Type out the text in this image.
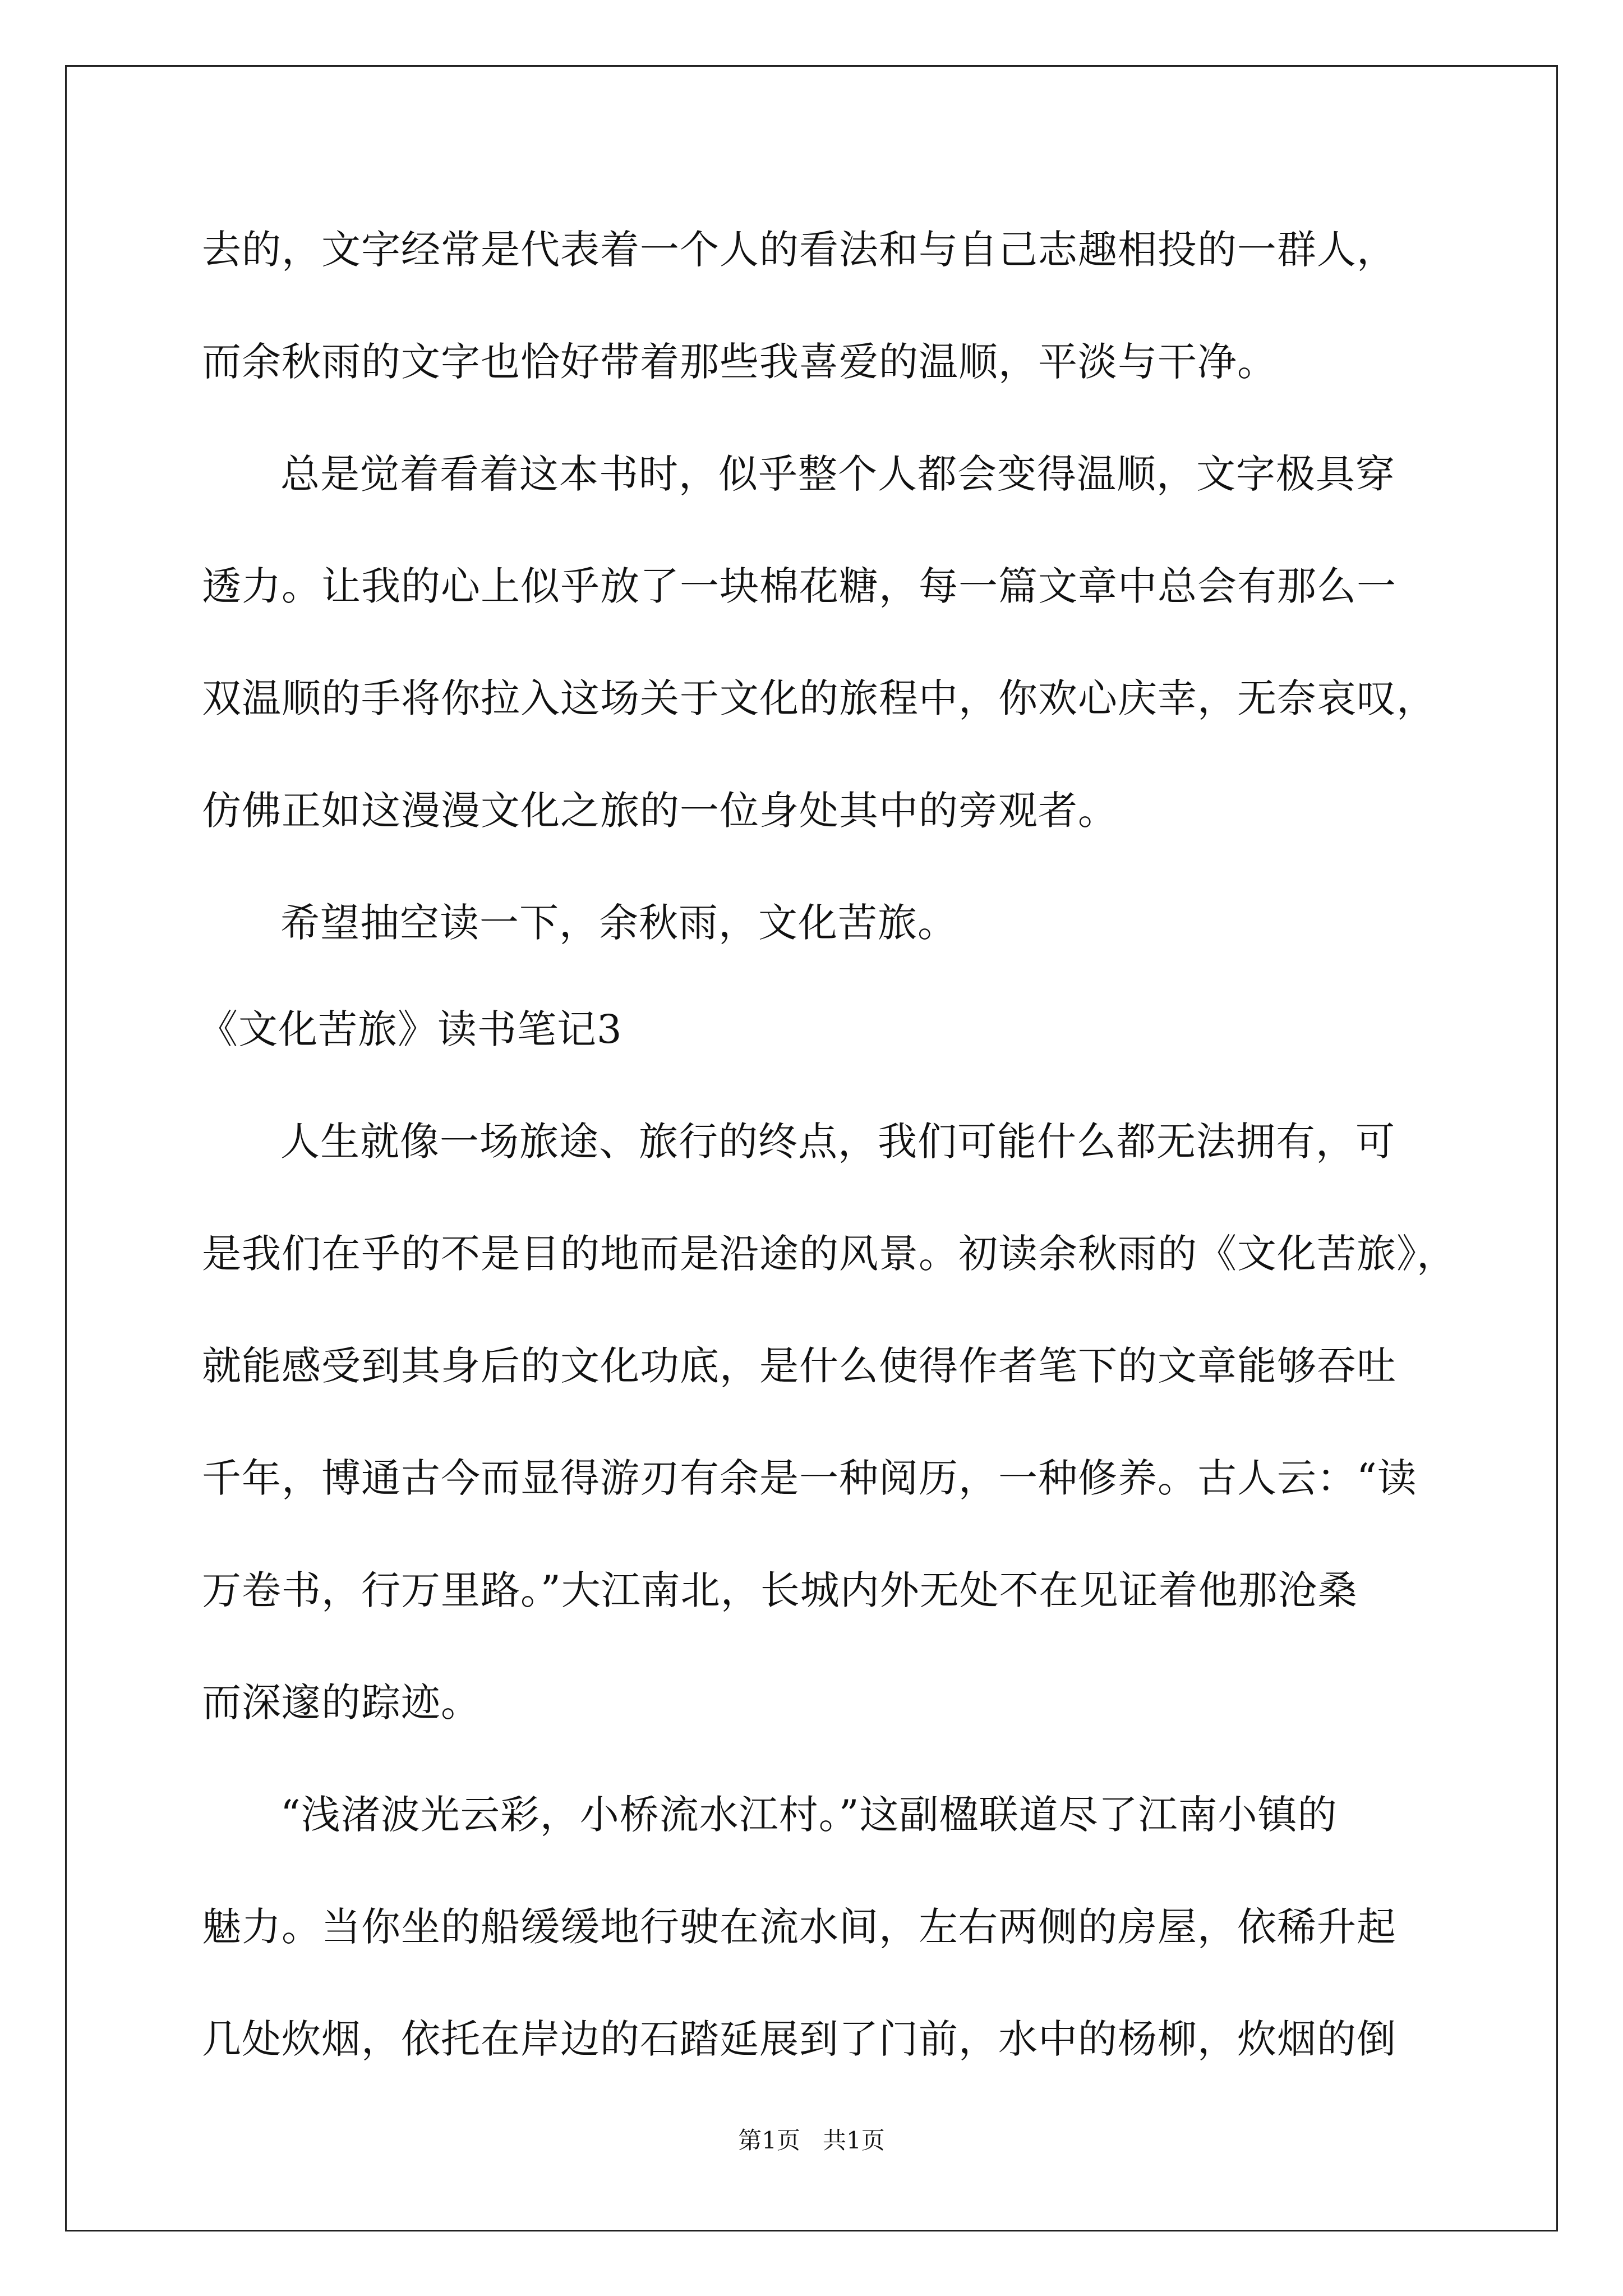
去的，文字经常是代表着一个人的看法和与自己志趣相投的一群人，

而余秋雨的文字也恰好带着那些我喜爱的温顺，平淡与干净。

总是觉着看着这本书时，似乎整个人都会变得温顺，文字极具穿

透力。让我的心上似乎放了一块棉花糖，每一篇文章中总会有那么一

双温顺的手将你拉入这场关于文化的旅程中，你欢心庆幸，无奈哀叹，

仿佛正如这漫漫文化之旅的一位身处其中的旁观者。

希望抽空读一下，余秋雨，文化苦旅。

《文化苦旅》读书笔记3

人生就像一场旅途、旅行的终点，我们可能什么都无法拥有，可

是我们在乎的不是目的地而是沿途的风景。初读余秋雨的《文化苦旅》，

就能感受到其身后的文化功底，是什么使得作者笔下的文章能够吞吐

千年，博通古今而显得游刃有余是一种阅历，一种修养。古人云：“读

万卷书，行万里路。”大江南北，长城内外无处不在见证着他那沧桑

而深邃的踪迹。

“浅渚波光云彩，小桥流水江村。”这副楹联道尽了江南小镇的

魅力。当你坐的船缓缓地行驶在流水间，左右两侧的房屋，依稀升起

几处炊烟，依托在岸边的石踏延展到了门前，水中的杨柳，炊烟的倒

第1页   共1页
